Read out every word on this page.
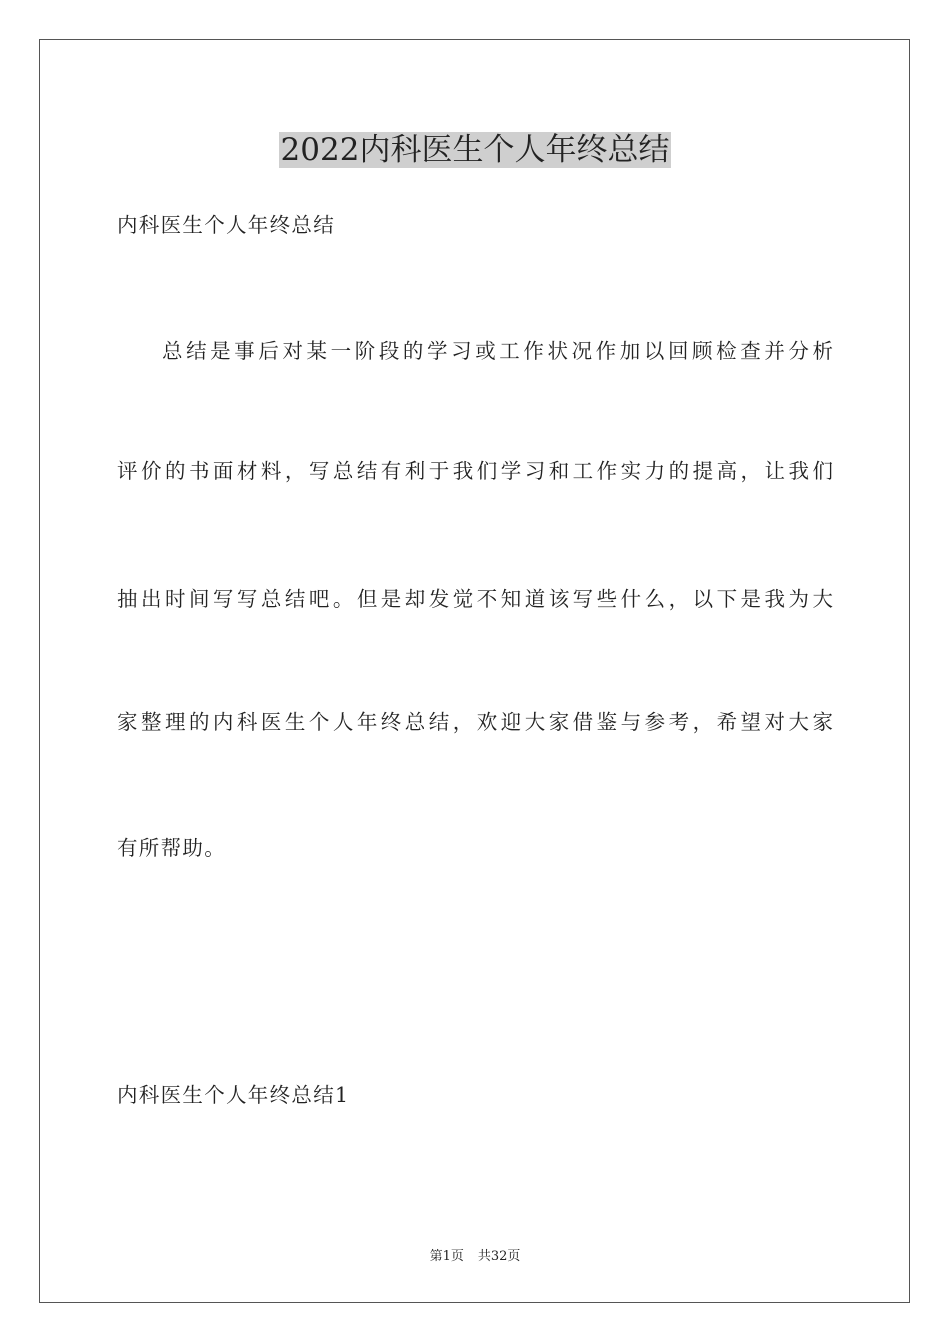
2022内科医生个人年终总结
内科医生个人年终总结
总结是事后对某一阶段的学习或工作状况作加以回顾检查并分析
评价的书面材料，写总结有利于我们学习和工作实力的提高，让我们
抽出时间写写总结吧。但是却发觉不知道该写些什么，以下是我为大
家整理的内科医生个人年终总结，欢迎大家借鉴与参考，希望对大家
有所帮助。
内科医生个人年终总结1
第1页 共32页
